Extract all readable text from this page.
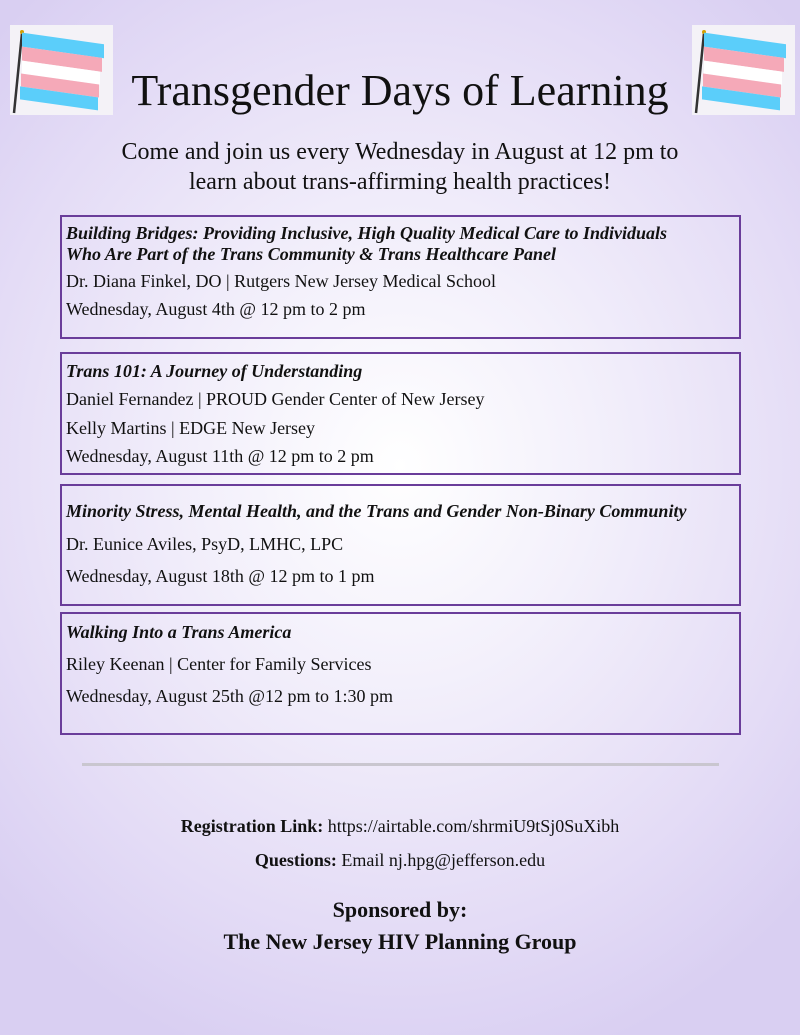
Transgender Days of Learning
Come and join us every Wednesday in August at 12 pm to
learn about trans-affirming health practices!
Building Bridges: Providing Inclusive, High Quality Medical Care to Individuals
Who Are Part of the Trans Community & Trans Healthcare Panel
Dr. Diana Finkel, DO | Rutgers New Jersey Medical School
Wednesday, August 4th @ 12 pm to 2 pm
Trans 101: A Journey of Understanding
Daniel Fernandez | PROUD Gender Center of New Jersey
Kelly Martins | EDGE New Jersey
Wednesday, August 11th @ 12 pm to 2 pm
Minority Stress, Mental Health, and the Trans and Gender Non-Binary Community
Dr. Eunice Aviles, PsyD, LMHC, LPC
Wednesday, August 18th @ 12 pm to 1 pm
Walking Into a Trans America
Riley Keenan | Center for Family Services
Wednesday, August 25th @12 pm to 1:30 pm
Registration Link: https://airtable.com/shrmiU9tSj0SuXibh
Questions: Email nj.hpg@jefferson.edu
Sponsored by:
The New Jersey HIV Planning Group
